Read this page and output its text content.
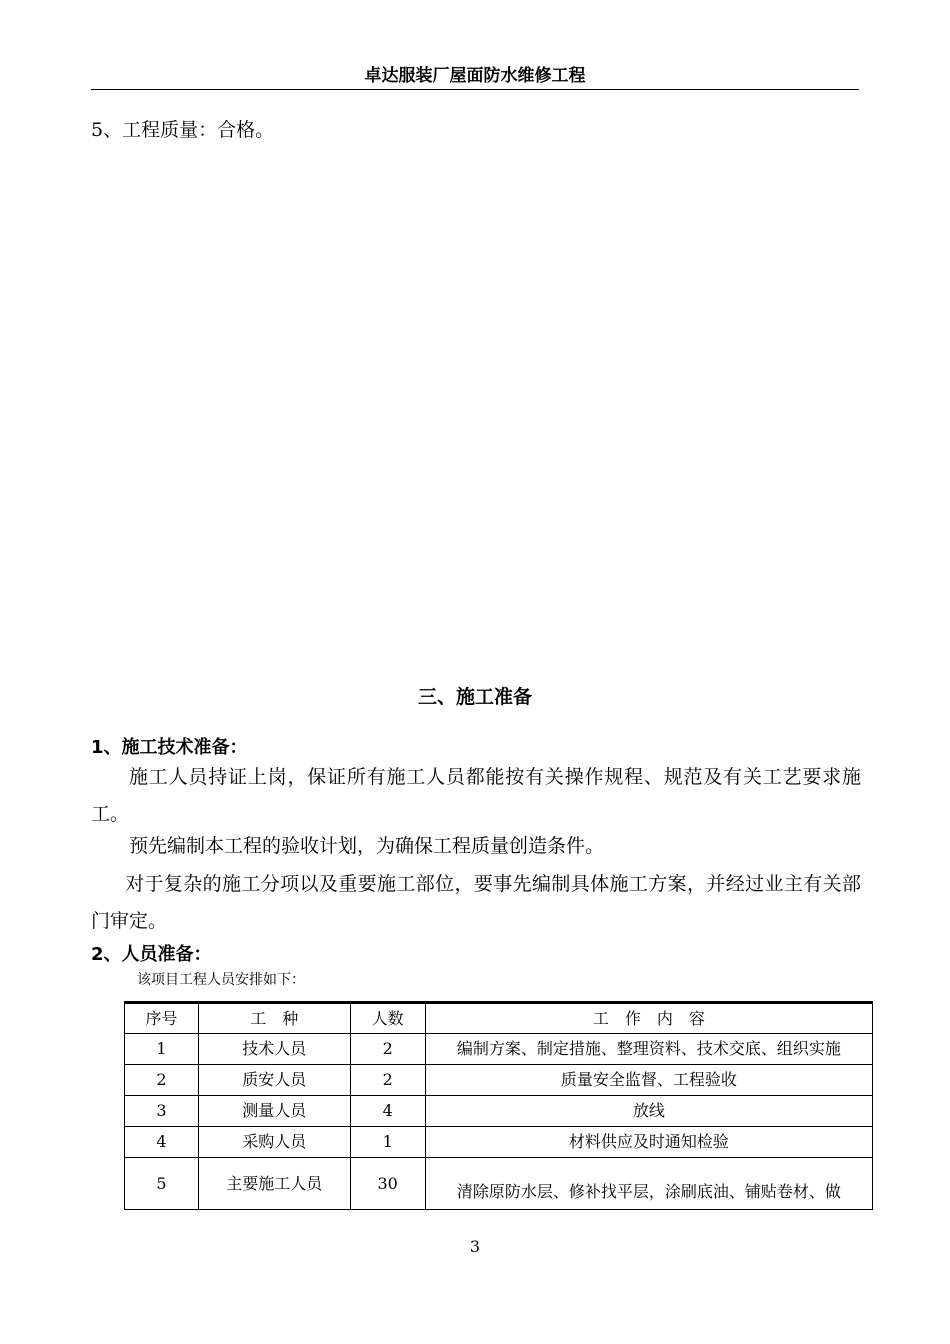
卓达服装厂屋面防水维修工程
5、工程质量：合格。
三、施工准备
1、施工技术准备：
施工人员持证上岗，保证所有施工人员都能按有关操作规程、规范及有关工艺要求施工。
预先编制本工程的验收计划，为确保工程质量创造条件。
对于复杂的施工分项以及重要施工部位，要事先编制具体施工方案，并经过业主有关部门审定。
2、人员准备：
该项目工程人员安排如下：
序号	工　种	人数	工　作　内　容
1	技术人员	2	编制方案、制定措施、整理资料、技术交底、组织实施
2	质安人员	2	质量安全监督、工程验收
3	测量人员	4	放线
4	采购人员	1	材料供应及时通知检验
5	主要施工人员	30	清除原防水层、修补找平层，涂刷底油、铺贴卷材、做
3
